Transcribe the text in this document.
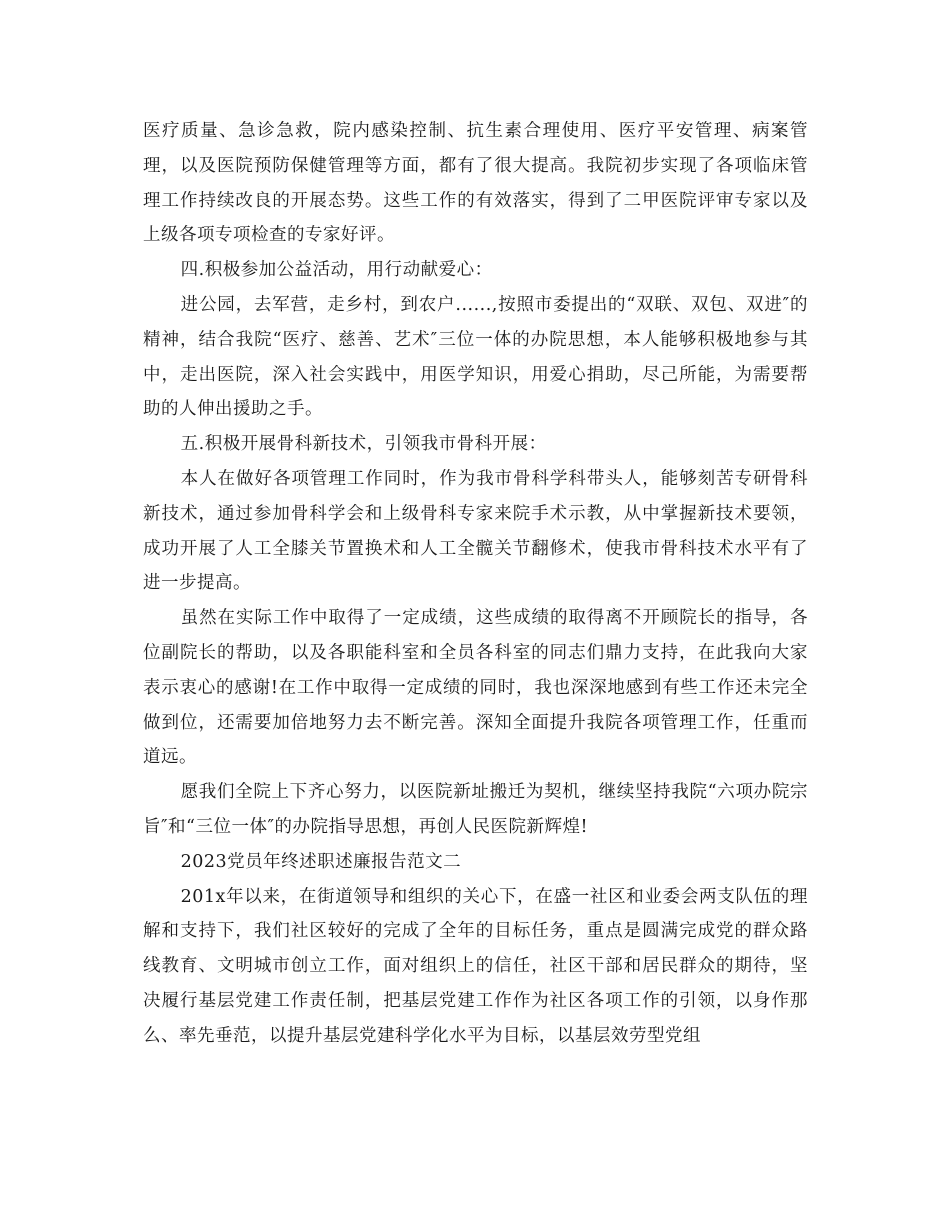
医疗质量、急诊急救，院内感染控制、抗生素合理使用、医疗平安管理、病案管理，以及医院预防保健管理等方面，都有了很大提高。我院初步实现了各项临床管理工作持续改良的开展态势。这些工作的有效落实，得到了二甲医院评审专家以及上级各项专项检查的专家好评。

四.积极参加公益活动，用行动献爱心：

进公园，去军营，走乡村，到农户......,按照市委提出的“双联、双包、双进″的精神，结合我院“医疗、慈善、艺术″三位一体的办院思想，本人能够积极地参与其中，走出医院，深入社会实践中，用医学知识，用爱心捐助，尽己所能，为需要帮助的人伸出援助之手。

五.积极开展骨科新技术，引领我市骨科开展：

本人在做好各项管理工作同时，作为我市骨科学科带头人，能够刻苦专研骨科新技术，通过参加骨科学会和上级骨科专家来院手术示教，从中掌握新技术要领，成功开展了人工全膝关节置换术和人工全髋关节翻修术，使我市骨科技术水平有了进一步提高。

虽然在实际工作中取得了一定成绩，这些成绩的取得离不开顾院长的指导，各位副院长的帮助，以及各职能科室和全员各科室的同志们鼎力支持，在此我向大家表示衷心的感谢!在工作中取得一定成绩的同时，我也深深地感到有些工作还未完全做到位，还需要加倍地努力去不断完善。深知全面提升我院各项管理工作，任重而道远。

愿我们全院上下齐心努力，以医院新址搬迁为契机，继续坚持我院“六项办院宗旨″和“三位一体″的办院指导思想，再创人民医院新辉煌!

2023党员年终述职述廉报告范文二

201x年以来，在街道领导和组织的关心下，在盛一社区和业委会两支队伍的理解和支持下，我们社区较好的完成了全年的目标任务，重点是圆满完成党的群众路线教育、文明城市创立工作，面对组织上的信任，社区干部和居民群众的期待，坚决履行基层党建工作责任制，把基层党建工作作为社区各项工作的引领，以身作那么、率先垂范，以提升基层党建科学化水平为目标，以基层效劳型党组
